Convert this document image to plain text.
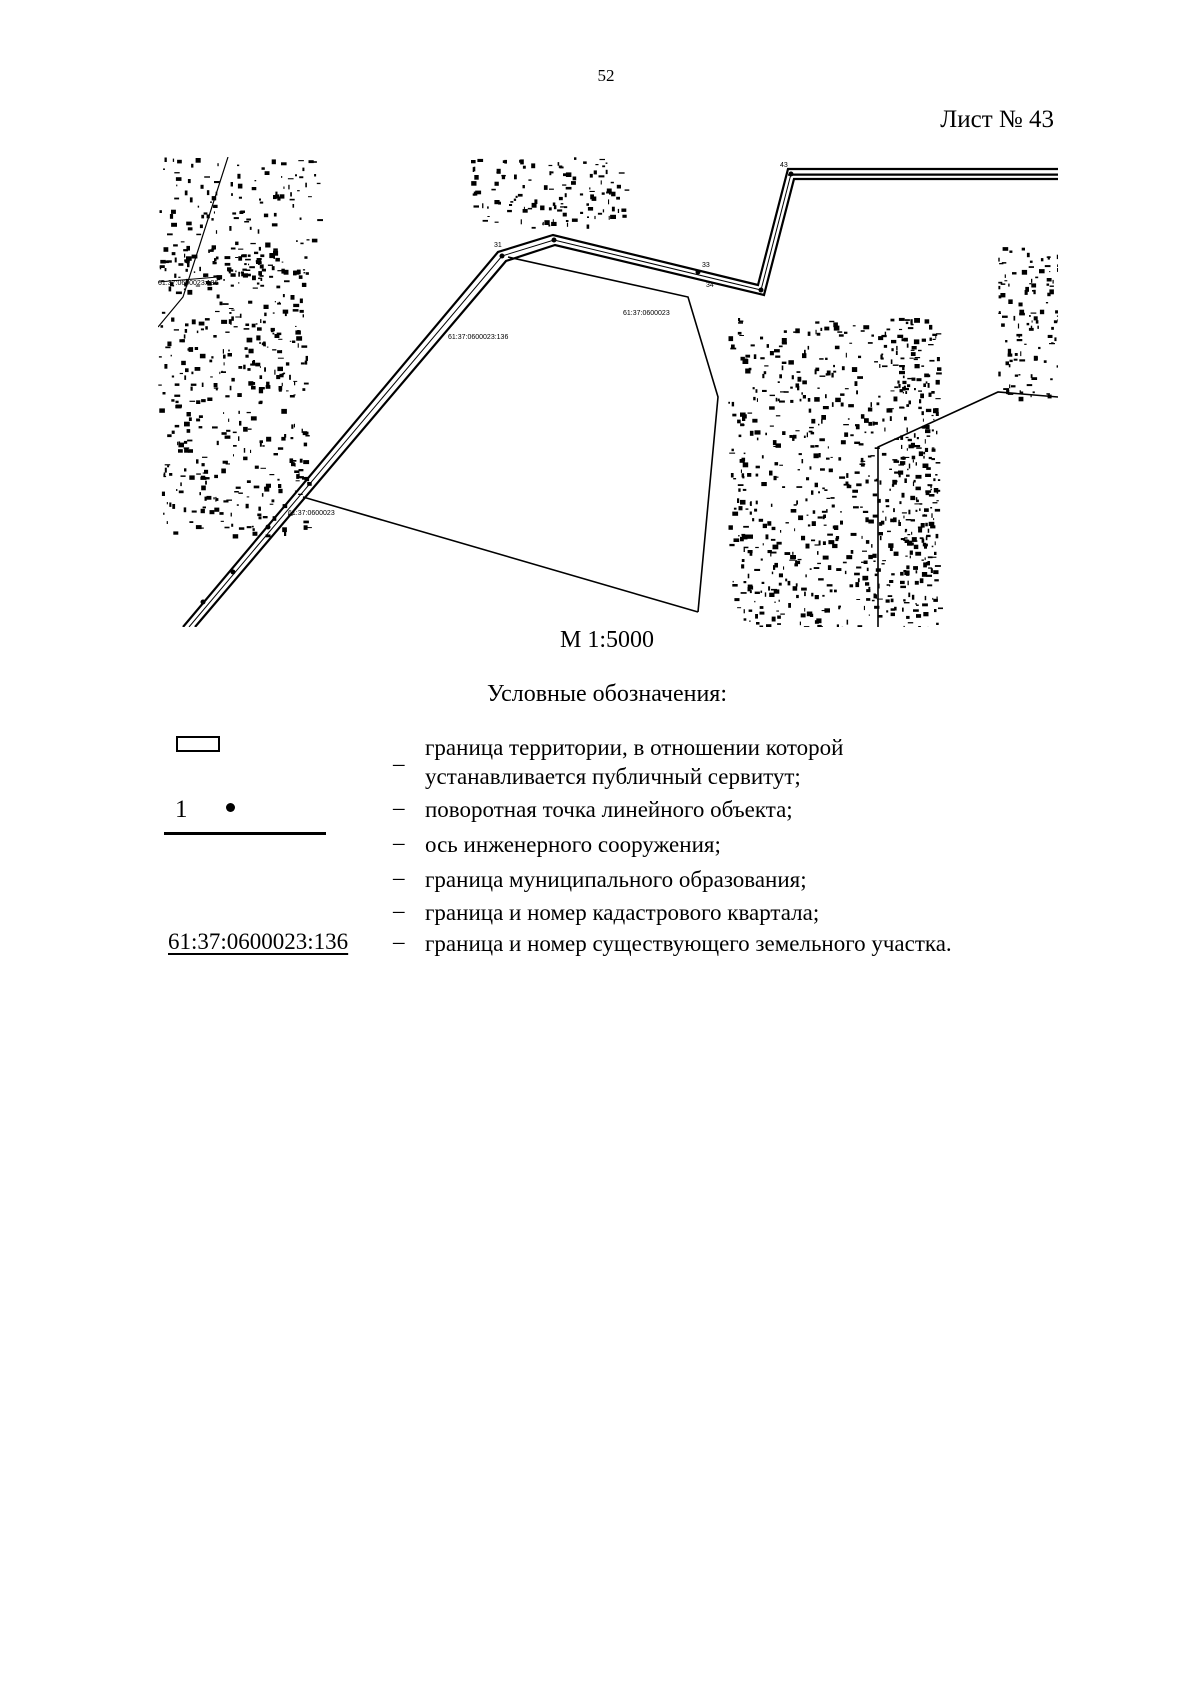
52
Лист № 43
43
31
33
34
61:37:0600023:136
61:37:0600023:136
61:37:0600023
61:37:0600023
М 1:5000
Условные обозначения:
1
61:37:0600023:136
–
–
–
–
–
–
граница территории, в отношении которой
устанавливается публичный сервитут;
поворотная точка линейного объекта;
ось инженерного сооружения;
граница муниципального образования;
граница и номер кадастрового квартала;
граница и номер существующего земельного участка.
